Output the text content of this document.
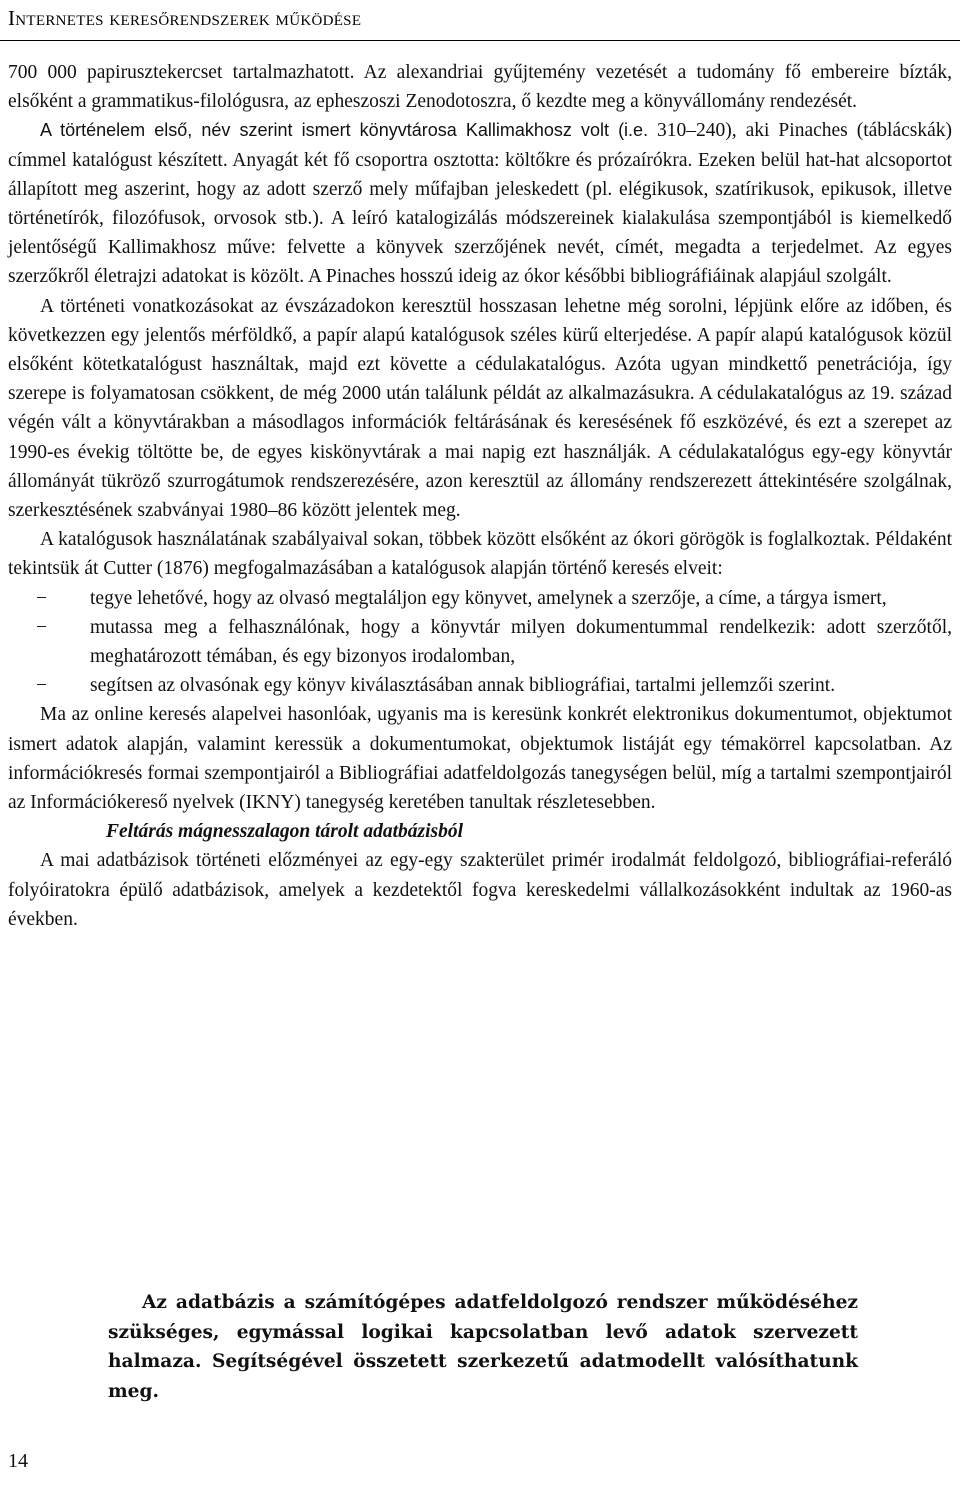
Internetes keresőrendszerek működése

700 000 papirusztekercset tartalmazhatott. Az alexandriai gyűjtemény vezetését a tudomány fő embereire bízták, elsőként a grammatikus-filológusra, az epheszoszi Zenodotoszra, ő kezdte meg a könyvállomány rendezését.

A történelem első, név szerint ismert könyvtárosa Kallimakhosz volt (i.e. 310–240), aki Pinaches (táblácskák) címmel katalógust készített. Anyagát két fő csoportra osztotta: költőkre és prózaírókra. Ezeken belül hat-hat alcsoportot állapított meg aszerint, hogy az adott szerző mely műfajban jeleskedett (pl. elégikusok, szatírikusok, epikusok, illetve történetírók, filozófusok, orvosok stb.). A leíró katalogizálás módszereinek kialakulása szempontjából is kiemelkedő jelentőségű Kallimakhosz műve: felvette a könyvek szerzőjének nevét, címét, megadta a terjedelmet. Az egyes szerzőkről életrajzi adatokat is közölt. A Pinaches hosszú ideig az ókor későbbi bibliográfiáinak alapjául szolgált.

A történeti vonatkozásokat az évszázadokon keresztül hosszasan lehetne még sorolni, lépjünk előre az időben, és következzen egy jelentős mérföldkő, a papír alapú katalógusok széles kürű elterjedése. A papír alapú katalógusok közül elsőként kötetkatalógust használtak, majd ezt követte a cédulakatalógus. Azóta ugyan mindkettő penetrációja, így szerepe is folyamatosan csökkent, de még 2000 után találunk példát az alkalmazásukra. A cédulakatalógus az 19. század végén vált a könyvtárakban a másodlagos információk feltárásának és keresésének fő eszközévé, és ezt a szerepet az 1990-es évekig töltötte be, de egyes kiskönyvtárak a mai napig ezt használják. A cédulakatalógus egy-egy könyvtár állományát tükröző szurrogátumok rendszerezésére, azon keresztül az állomány rendszerezett áttekintésére szolgálnak, szerkesztésének szabványai 1980–86 között jelentek meg.

A katalógusok használatának szabályaival sokan, többek között elsőként az ókori görögök is foglalkoztak. Példaként tekintsük át Cutter (1876) megfogalmazásában a katalógusok alapján történő keresés elveit:

− tegye lehetővé, hogy az olvasó megtaláljon egy könyvet, amelynek a szerzője, a címe, a tárgya ismert,
− mutassa meg a felhasználónak, hogy a könyvtár milyen dokumentummal rendelkezik: adott szerzőtől, meghatározott témában, és egy bizonyos irodalomban,
− segítsen az olvasónak egy könyv kiválasztásában annak bibliográfiai, tartalmi jellemzői szerint.

Ma az online keresés alapelvei hasonlóak, ugyanis ma is keresünk konkrét elektronikus dokumentumot, objektumot ismert adatok alapján, valamint keressük a dokumentumokat, objektumok listáját egy témakörrel kapcsolatban. Az információkresés formai szempontjairól a Bibliográfiai adatfeldolgozás tanegységen belül, míg a tartalmi szempontjairól az Információkereső nyelvek (IKNY) tanegység keretében tanultak részletesebben.

Feltárás mágnesszalagon tárolt adatbázisból

A mai adatbázisok történeti előzményei az egy-egy szakterület primér irodalmát feldolgozó, bibliográfiai-referáló folyóiratokra épülő adatbázisok, amelyek a kezdetektől fogva kereskedelmi vállalkozásokként indultak az 1960-as években.

Az adatbázis a számítógépes adatfeldolgozó rendszer működéséhez szükséges, egymással logikai kapcsolatban levő adatok szervezett halmaza. Segítségével összetett szerkezetű adatmodellt valósíthatunk meg.

14
